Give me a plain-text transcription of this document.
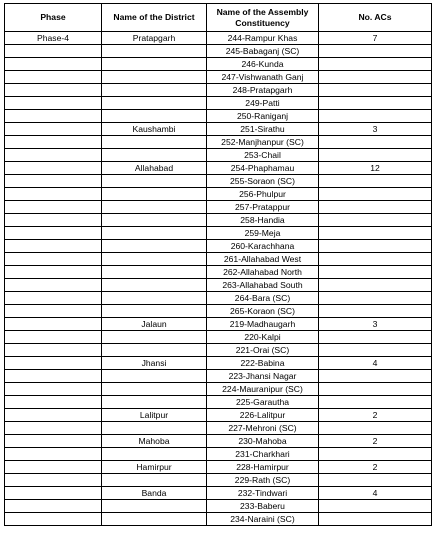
Phase	Name of the District	Name of the Assembly Constituency	No. ACs
Phase-4	Pratapgarh	244-Rampur Khas	7
		245-Babaganj (SC)	
		246-Kunda	
		247-Vishwanath Ganj	
		248-Pratapgarh	
		249-Patti	
		250-Raniganj	
	Kaushambi	251-Sirathu	3
		252-Manjhanpur (SC)	
		253-Chail	
	Allahabad	254-Phaphamau	12
		255-Soraon (SC)	
		256-Phulpur	
		257-Pratappur	
		258-Handia	
		259-Meja	
		260-Karachhana	
		261-Allahabad West	
		262-Allahabad North	
		263-Allahabad South	
		264-Bara (SC)	
		265-Koraon (SC)	
	Jalaun	219-Madhaugarh	3
		220-Kalpi	
		221-Orai (SC)	
	Jhansi	222-Babina	4
		223-Jhansi Nagar	
		224-Mauranipur (SC)	
		225-Garautha	
	Lalitpur	226-Lalitpur	2
		227-Mehroni (SC)	
	Mahoba	230-Mahoba	2
		231-Charkhari	
	Hamirpur	228-Hamirpur	2
		229-Rath (SC)	
	Banda	232-Tindwari	4
		233-Baberu	
		234-Naraini (SC)	
